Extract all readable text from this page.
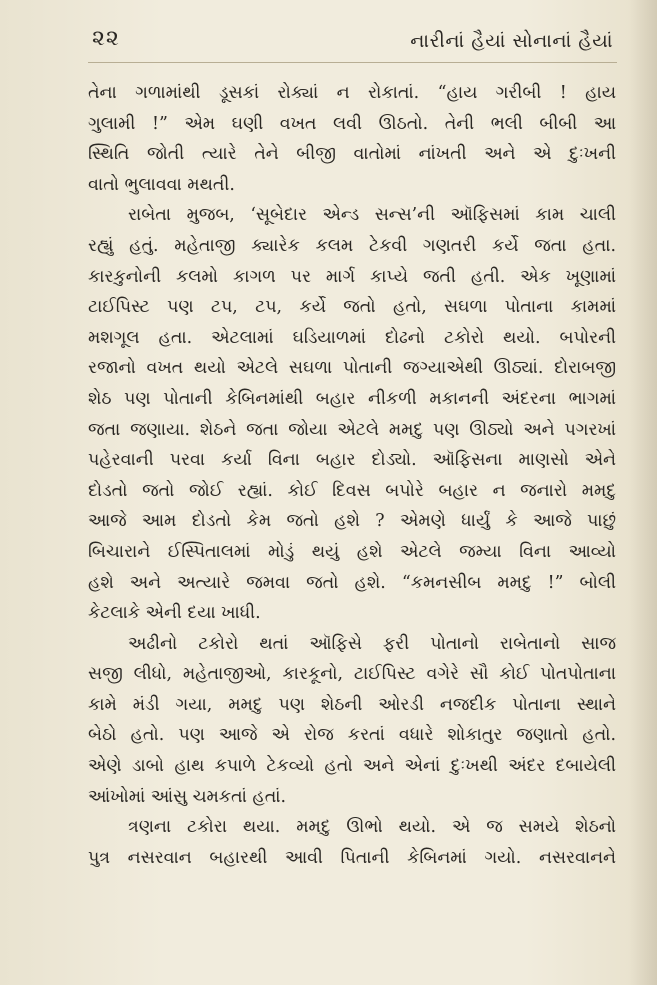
૨૨	નારીનાં હૈયાં સોનાનાં હૈયાં
તેના ગળામાંથી ડૂસકાં રોક્યાં ન રોકાતાં. “હાય ગરીબી ! હાય
ગુલામી !” એમ ઘણી વખત લવી ઊઠતો. તેની ભલી બીબી આ
સ્થિતિ જોતી ત્યારે તેને બીજી વાતોમાં નાંખતી અને એ દુઃખની
વાતો ભુલાવવા મથતી.
રાબેતા મુજબ, ‘સૂબેદાર એન્ડ સન્સ’ની ઑફિસમાં કામ ચાલી
રહ્યું હતું. મહેતાજી ક્યારેક કલમ ટેકવી ગણતરી કર્યે જતા હતા.
કારકુનોની કલમો કાગળ પર માર્ગ કાપ્યે જતી હતી. એક ખૂણામાં
ટાઈપિસ્ટ પણ ટપ, ટપ, કર્યે જતો હતો, સઘળા પોતાના કામમાં
મશગૂલ હતા. એટલામાં ઘડિયાળમાં દોઢનો ટકોરો થયો. બપોરની
રજાનો વખત થયો એટલે સઘળા પોતાની જગ્યાએથી ઊઠ્યાં. દોરાબજી
શેઠ પણ પોતાની કેબિનમાંથી બહાર નીકળી મકાનની અંદરના ભાગમાં
જતા જણાયા. શેઠને જતા જોયા એટલે મમદુ પણ ઊઠ્યો અને પગરખાં
પહેરવાની પરવા કર્યા વિના બહાર દોડ્યો. ઑફિસના માણસો એને
દોડતો જતો જોઈ રહ્યાં. કોઈ દિવસ બપોરે બહાર ન જનારો મમદુ
આજે આમ દોડતો કેમ જતો હશે ? એમણે ધાર્યું કે આજે પાછું
બિચારાને ઈસ્પિતાલમાં મોડું થયું હશે એટલે જમ્યા વિના આવ્યો
હશે અને અત્યારે જમવા જતો હશે. “કમનસીબ મમદુ !” બોલી
કેટલાકે એની દયા ખાધી.
અઢીનો ટકોરો થતાં ઑફિસે ફરી પોતાનો રાબેતાનો સાજ
સજી લીધો, મહેતાજીઓ, કારકૂનો, ટાઈપિસ્ટ વગેરે સૌ કોઈ પોતપોતાના
કામે મંડી ગયા, મમદુ પણ શેઠની ઓરડી નજદીક પોતાના સ્થાને
બેઠો હતો. પણ આજે એ રોજ કરતાં વધારે શોકાતુર જણાતો હતો.
એણે ડાબો હાથ કપાળે ટેકવ્યો હતો અને એનાં દુઃખથી અંદર દબાયેલી
આંખોમાં આંસુ ચમકતાં હતાં.
ત્રણના ટકોરા થયા. મમદુ ઊભો થયો. એ જ સમયે શેઠનો
પુત્ર નસરવાન બહારથી આવી પિતાની કેબિનમાં ગયો. નસરવાનને
